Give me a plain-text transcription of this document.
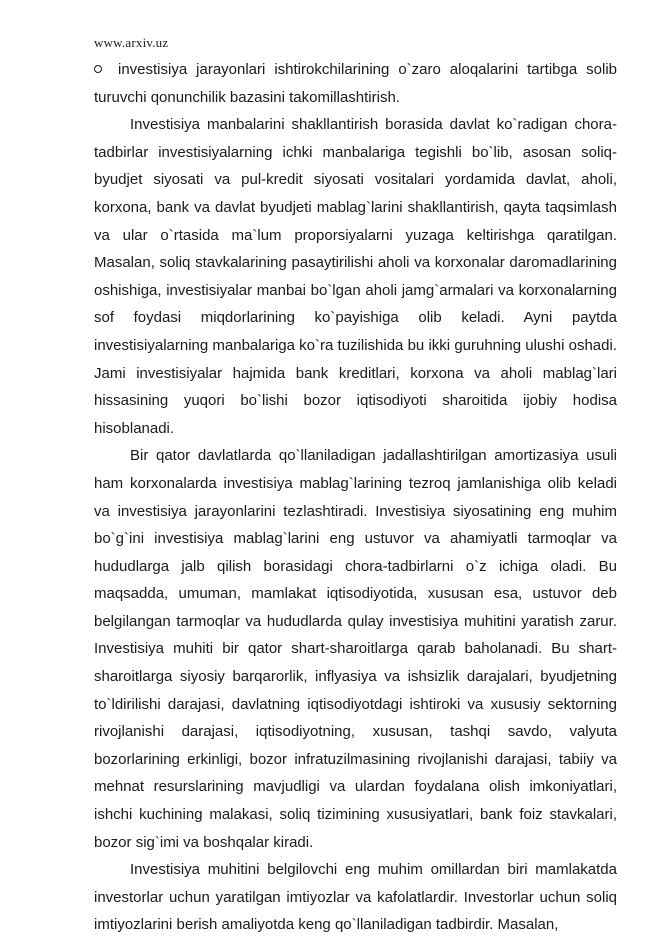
www.arxiv.uz

investisiya jarayonlari ishtirokchilarining o`zaro aloqalarini tartibga solib turuvchi qonunchilik bazasini takomillashtirish.

Investisiya manbalarini shakllantirish borasida davlat ko`radigan chora-tadbirlar investisiyalarning ichki manbalariga tegishli bo`lib, asosan soliq-byudjet siyosati va pul-kredit siyosati vositalari yordamida davlat, aholi, korxona, bank va davlat byudjeti mablag`larini shakllantirish, qayta taqsimlash va ular o`rtasida ma`lum proporsiyalarni yuzaga keltirishga qaratilgan. Masalan, soliq stavkalarining pasaytirilishi aholi va korxonalar daromadlarining oshishiga, investisiyalar manbai bo`lgan aholi jamg`armalari va korxonalarning sof foydasi miqdorlarining ko`payishiga olib keladi. Ayni paytda investisiyalarning manbalariga ko`ra tuzilishida bu ikki guruhning ulushi oshadi. Jami investisiyalar hajmida bank kreditlari, korxona va aholi mablag`lari hissasining yuqori bo`lishi bozor iqtisodiyoti sharoitida ijobiy hodisa hisoblanadi.

Bir qator davlatlarda qo`llaniladigan jadallashtirilgan amortizasiya usuli ham korxonalarda investisiya mablag`larining tezroq jamlanishiga olib keladi va investisiya jarayonlarini tezlashtiradi. Investisiya siyosatining eng muhim bo`g`ini investisiya mablag`larini eng ustuvor va ahamiyatli tarmoqlar va hududlarga jalb qilish borasidagi chora-tadbirlarni o`z ichiga oladi. Bu maqsadda, umuman, mamlakat iqtisodiyotida, xususan esa, ustuvor deb belgilangan tarmoqlar va hududlarda qulay investisiya muhitini yaratish zarur. Investisiya muhiti bir qator shart-sharoitlarga qarab baholanadi. Bu shart-sharoitlarga siyosiy barqarorlik, inflyasiya va ishsizlik darajalari, byudjetning to`ldirilishi darajasi, davlatning iqtisodiyotdagi ishtiroki va xususiy sektorning rivojlanishi darajasi, iqtisodiyotning, xususan, tashqi savdo, valyuta bozorlarining erkinligi, bozor infratuzilmasining rivojlanishi darajasi, tabiiy va mehnat resurslarining mavjudligi va ulardan foydalana olish imkoniyatlari, ishchi kuchining malakasi, soliq tizimining xususiyatlari, bank foiz stavkalari, bozor sig`imi va boshqalar kiradi.

Investisiya muhitini belgilovchi eng muhim omillardan biri mamlakatda investorlar uchun yaratilgan imtiyozlar va kafolatlardir. Investorlar uchun soliq imtiyozlarini berish amaliyotda keng qo`llaniladigan tadbirdir. Masalan,
